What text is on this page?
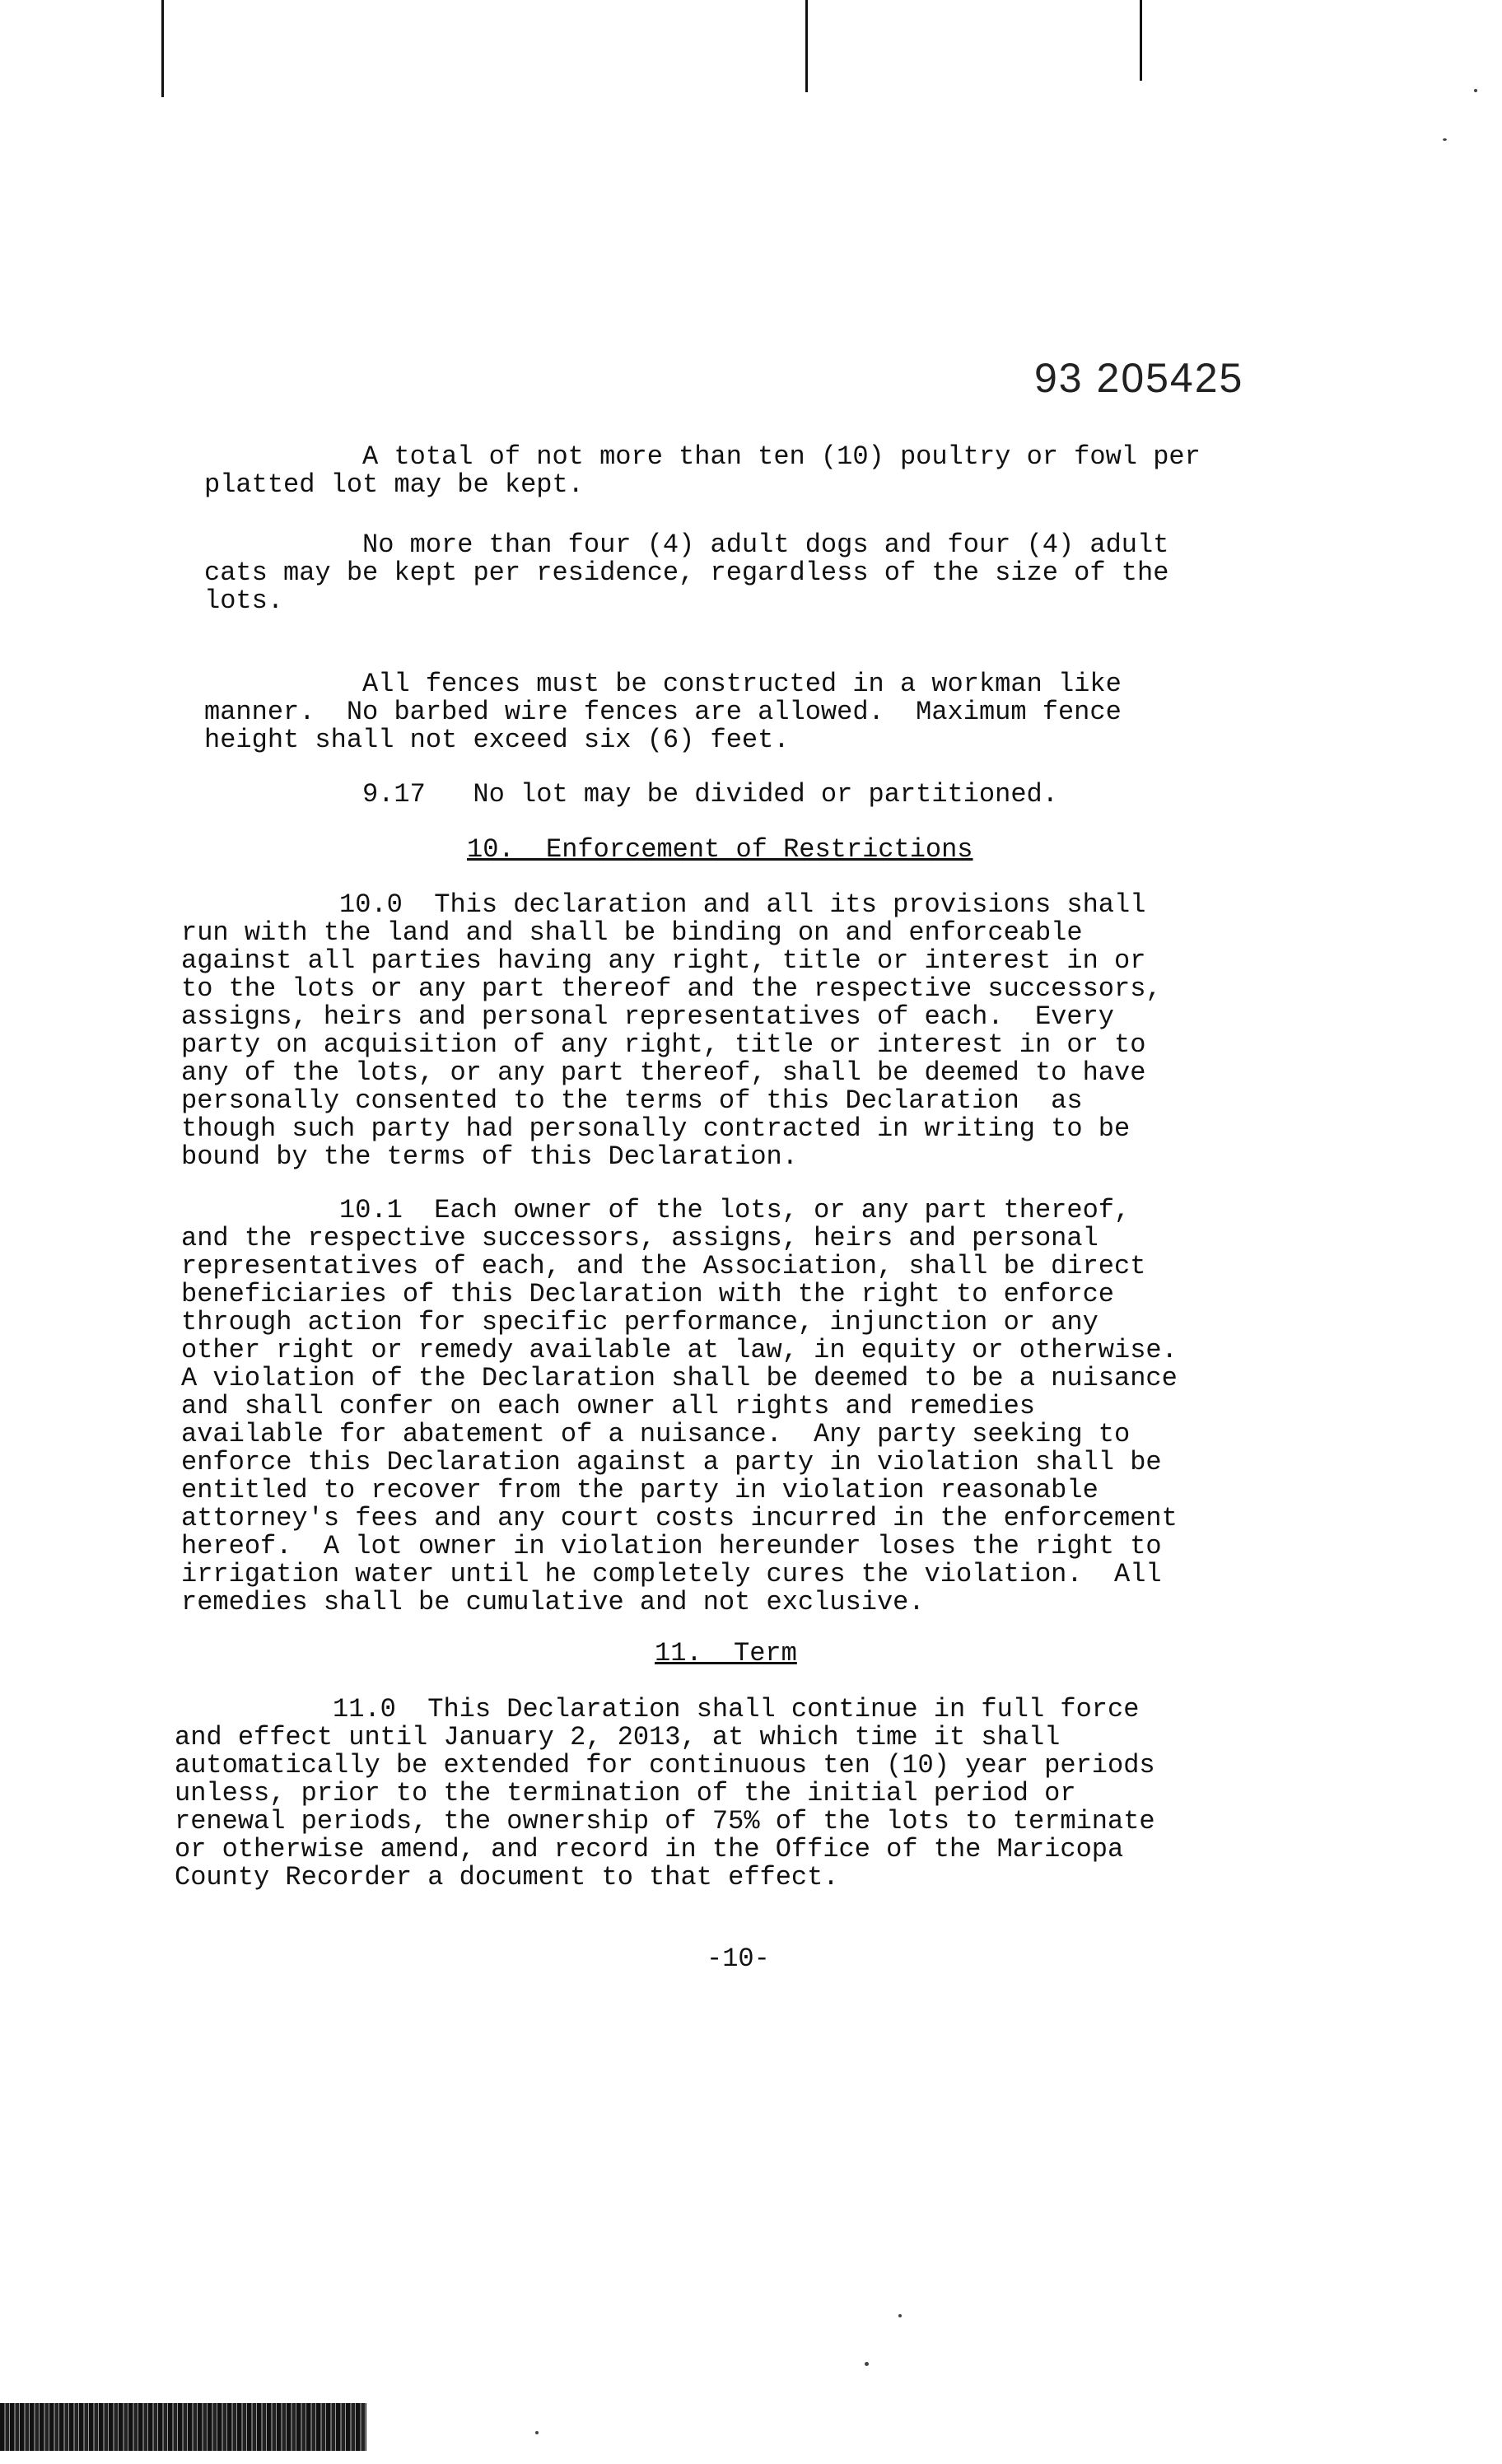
93 205425

A total of not more than ten (10) poultry or fowl per
platted lot may be kept.

No more than four (4) adult dogs and four (4) adult
cats may be kept per residence, regardless of the size of the
lots.

All fences must be constructed in a workman like
manner.  No barbed wire fences are allowed.  Maximum fence
height shall not exceed six (6) feet.

9.17   No lot may be divided or partitioned.

10.  Enforcement of Restrictions

10.0  This declaration and all its provisions shall
run with the land and shall be binding on and enforceable
against all parties having any right, title or interest in or
to the lots or any part thereof and the respective successors,
assigns, heirs and personal representatives of each.  Every
party on acquisition of any right, title or interest in or to
any of the lots, or any part thereof, shall be deemed to have
personally consented to the terms of this Declaration  as
though such party had personally contracted in writing to be
bound by the terms of this Declaration.

10.1  Each owner of the lots, or any part thereof,
and the respective successors, assigns, heirs and personal
representatives of each, and the Association, shall be direct
beneficiaries of this Declaration with the right to enforce
through action for specific performance, injunction or any
other right or remedy available at law, in equity or otherwise.
A violation of the Declaration shall be deemed to be a nuisance
and shall confer on each owner all rights and remedies
available for abatement of a nuisance.  Any party seeking to
enforce this Declaration against a party in violation shall be
entitled to recover from the party in violation reasonable
attorney's fees and any court costs incurred in the enforcement
hereof.  A lot owner in violation hereunder loses the right to
irrigation water until he completely cures the violation.  All
remedies shall be cumulative and not exclusive.

11.  Term

11.0  This Declaration shall continue in full force
and effect until January 2, 2013, at which time it shall
automatically be extended for continuous ten (10) year periods
unless, prior to the termination of the initial period or
renewal periods, the ownership of 75% of the lots to terminate
or otherwise amend, and record in the Office of the Maricopa
County Recorder a document to that effect.

-10-
